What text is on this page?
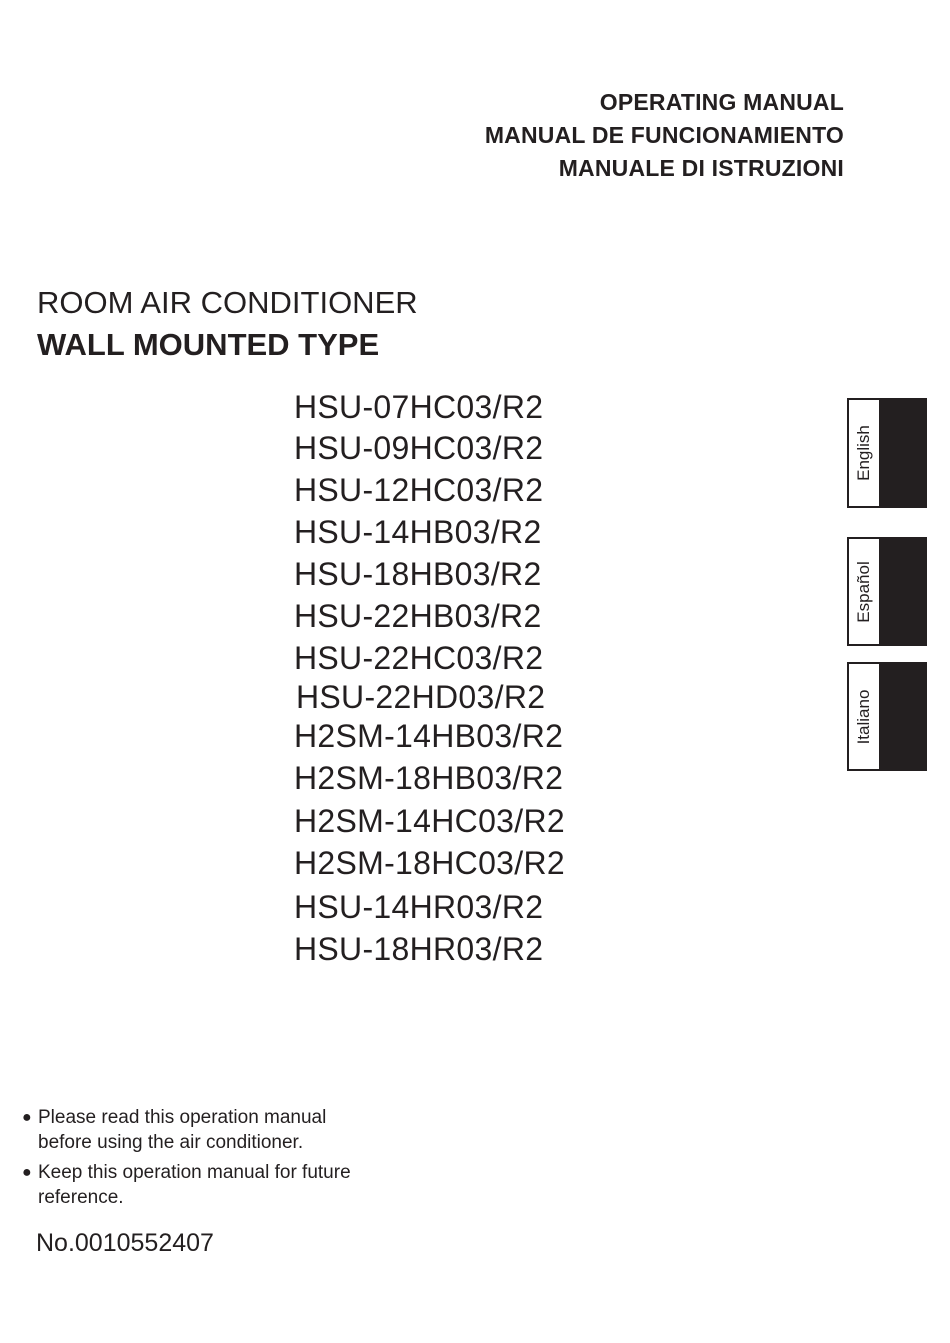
OPERATING MANUAL
MANUAL DE FUNCIONAMIENTO
MANUALE DI ISTRUZIONI
ROOM AIR CONDITIONER
WALL MOUNTED TYPE
HSU-07HC03/R2
HSU-09HC03/R2
HSU-12HC03/R2
HSU-14HB03/R2
HSU-18HB03/R2
HSU-22HB03/R2
HSU-22HC03/R2
HSU-22HD03/R2
H2SM-14HB03/R2
H2SM-18HB03/R2
H2SM-14HC03/R2
H2SM-18HC03/R2
HSU-14HR03/R2
HSU-18HR03/R2
English
Español
Italiano
● Please read this operation manual before using the air conditioner.
● Keep this operation manual for future reference.
No.0010552407
